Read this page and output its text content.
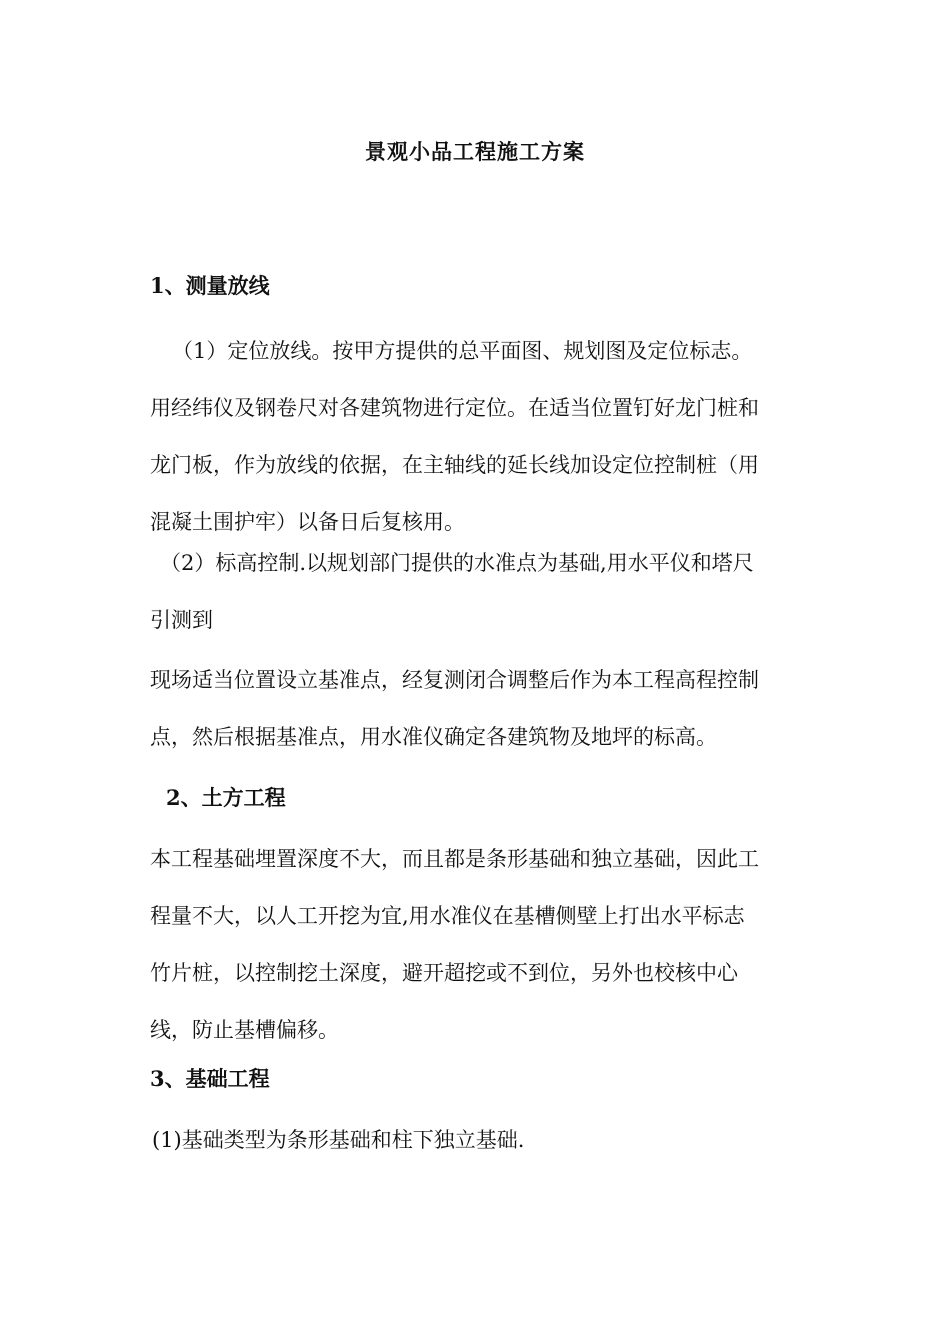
景观小品工程施工方案
1、测量放线
（1）定位放线。按甲方提供的总平面图、规划图及定位标志。
用经纬仪及钢卷尺对各建筑物进行定位。在适当位置钉好龙门桩和
龙门板，作为放线的依据，在主轴线的延长线加设定位控制桩（用
混凝土围护牢）以备日后复核用。
（2）标高控制.以规划部门提供的水准点为基础,用水平仪和塔尺
引测到
现场适当位置设立基准点，经复测闭合调整后作为本工程高程控制
点，然后根据基准点，用水准仪确定各建筑物及地坪的标高。
2、土方工程
本工程基础埋置深度不大，而且都是条形基础和独立基础，因此工
程量不大，以人工开挖为宜,用水准仪在基槽侧壁上打出水平标志
竹片桩，以控制挖土深度，避开超挖或不到位，另外也校核中心
线，防止基槽偏移。
3、基础工程
(1)基础类型为条形基础和柱下独立基础.
